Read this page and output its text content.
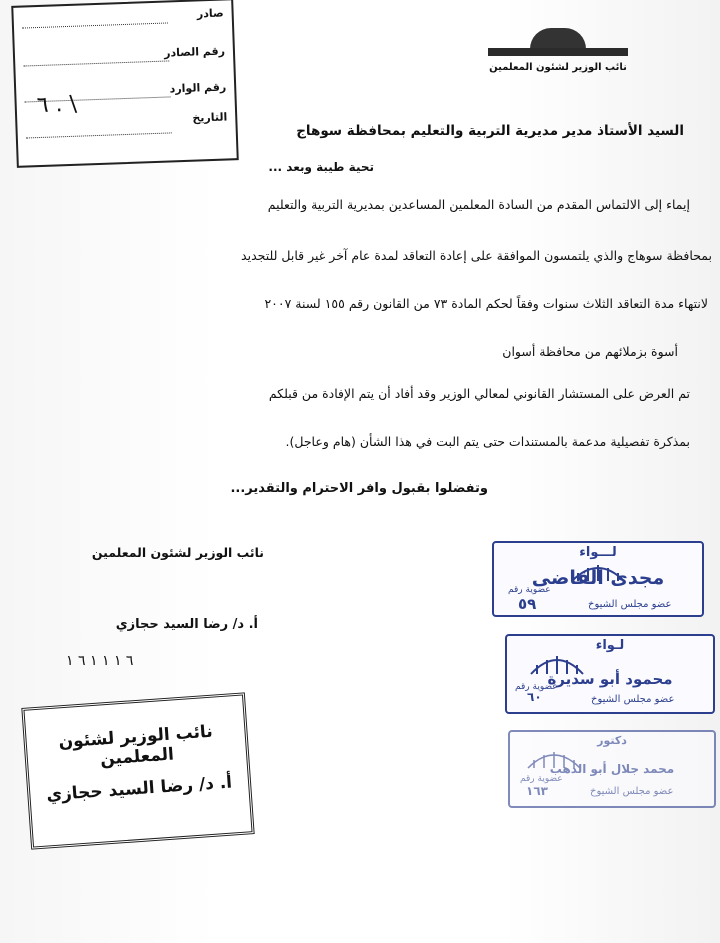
صادر
رقم الصادر
رقم الوارد
التاريخ
٦ . \
نائب الوزير لشئون المعلمين
السيد الأستاذ مدير مديرية التربية والتعليم بمحافظة سوهاج
تحية طيبة وبعد ...
إيماء إلى الالتماس المقدم من السادة المعلمين المساعدين بمديرية التربية والتعليم
بمحافظة سوهاج والذي يلتمسون الموافقة على إعادة التعاقد لمدة عام آخر غير قابل للتجديد
لانتهاء مدة التعاقد الثلاث سنوات وفقاً لحكم المادة ٧٣ من القانون رقم ١٥٥ لسنة ٢٠٠٧
أسوة بزملائهم من محافظة أسوان
تم العرض على المستشار القانوني لمعالي الوزير وقد أفاد أن يتم الإفادة من قبلكم
بمذكرة تفصيلية مدعمة بالمستندات حتى يتم البت في هذا الشأن (هام وعاجل).
وتفضلوا بقبول وافر الاحترام والتقدير...
نائب الوزير لشئون المعلمين
أ. د/ رضا السيد حجازي
٦ ١ ١ ١ ٦ ١
نائب الوزير لشئون المعلمين
أ. د/ رضا السيد حجازي
لـــواء
مجدى القاضى
عضوية رقم
٥٩	عضو مجلس الشيوخ
لـواء
محمود أبو سديرة
عضوية رقم
٦٠	عضو مجلس الشيوخ
دكتور
محمد جلال أبو الدهب
عضوية رقم
١٦٣	عضو مجلس الشيوخ
